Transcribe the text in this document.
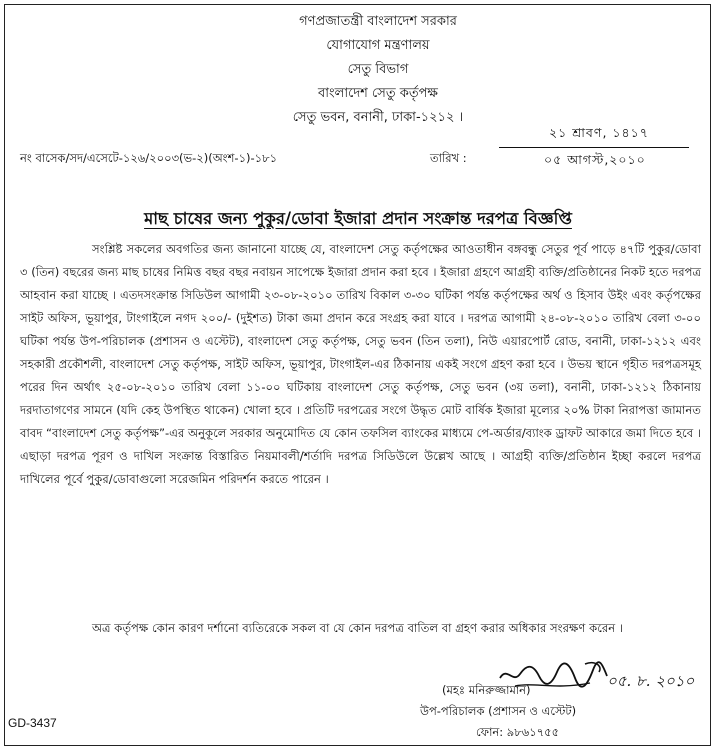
গণপ্রজাতন্ত্রী বাংলাদেশ সরকার
যোগাযোগ মন্ত্রণালয়
সেতু বিভাগ
বাংলাদেশ সেতু কর্তৃপক্ষ
সেতু ভবন, বনানী, ঢাকা-১২১২ ।
নং বাসেক/সদ/এসেটে-১২৬/২০০৩(ভ-২)(অংশ-১)-১৮১	তারিখ :
২১ শ্রাবণ, ১৪১৭
০৫ আগস্ট,২০১০
মাছ চাষের জন্য পুকুর/ডোবা ইজারা প্রদান সংক্রান্ত দরপত্র বিজ্ঞপ্তি

সংশ্লিষ্ট সকলের অবগতির জন্য জানানো যাচ্ছে যে, বাংলাদেশ সেতু কর্তৃপক্ষের আওতাধীন বঙ্গবন্ধু সেতুর পূর্ব পাড়ে ৪৭টি পুকুর/ডোবা ৩ (তিন) বছরের জন্য মাছ চাষের নিমিত্ত বছর বছর নবায়ন সাপেক্ষে ইজারা প্রদান করা হবে । ইজারা গ্রহণে আগ্রহী ব্যক্তি/প্রতিষ্ঠানের নিকট হতে দরপত্র আহবান করা যাচ্ছে । এতদসংক্রান্ত সিডিউল আগামী ২৩-০৮-২০১০ তারিখ বিকাল ৩-৩০ ঘটিকা পর্যন্ত কর্তৃপক্ষের অর্থ ও হিসাব উইং এবং কর্তৃপক্ষের সাইট অফিস, ভূয়াপুর, টাংগাইলে নগদ ২০০/- (দুইশত) টাকা জমা প্রদান করে সংগ্রহ করা যাবে । দরপত্র আগামী ২৪-০৮-২০১০ তারিখ বেলা ৩-০০ ঘটিকা পর্যন্ত উপ-পরিচালক (প্রশাসন ও এস্টেট), বাংলাদেশ সেতু কর্তৃপক্ষ, সেতু ভবন (তিন তলা), নিউ এয়ারপোর্ট রোড, বনানী, ঢাকা-১২১২ এবং সহকারী প্রকৌশলী, বাংলাদেশ সেতু কর্তৃপক্ষ, সাইট অফিস, ভূয়াপুর, টাংগাইল-এর ঠিকানায় একই সংগে গ্রহণ করা হবে । উভয় স্থানে গৃহীত দরপত্রসমূহ পরের দিন অর্থাৎ ২৫-০৮-২০১০ তারিখ বেলা ১১-০০ ঘটিকায় বাংলাদেশ সেতু কর্তৃপক্ষ, সেতু ভবন (৩য় তলা), বনানী, ঢাকা-১২১২ ঠিকানায় দরদাতাগণের সামনে (যদি কেহ উপস্থিত থাকেন) খোলা হবে । প্রতিটি দরপত্রের সংগে উদ্ধৃত মোট বার্ষিক ইজারা মূল্যের ২০% টাকা নিরাপত্তা জামানত বাবদ “বাংলাদেশ সেতু কর্তৃপক্ষ”-এর অনুকূলে সরকার অনুমোদিত যে কোন তফসিল ব্যাংকের মাধ্যমে পে-অর্ডার/ব্যাংক ড্রাফট আকারে জমা দিতে হবে । এছাড়া দরপত্র পূরণ ও দাখিল সংক্রান্ত বিস্তারিত নিয়মাবলী/শর্তাদি দরপত্র সিডিউলে উল্লেখ আছে । আগ্রহী ব্যক্তি/প্রতিষ্ঠান ইচ্ছা করলে দরপত্র দাখিলের পূর্বে পুকুর/ডোবাগুলো সরেজমিন পরিদর্শন করতে পারেন ।

অত্র কর্তৃপক্ষ কোন কারণ দর্শানো ব্যতিরেকে সকল বা যে কোন দরপত্র বাতিল বা গ্রহণ করার অধিকার সংরক্ষণ করেন ।

০৫. ৮. ২০১০
(মহঃ মনিরুজ্জামান)
উপ-পরিচালক (প্রশাসন ও এস্টেট)
ফোন: ৯৮৬১৭৫৫
GD-3437
